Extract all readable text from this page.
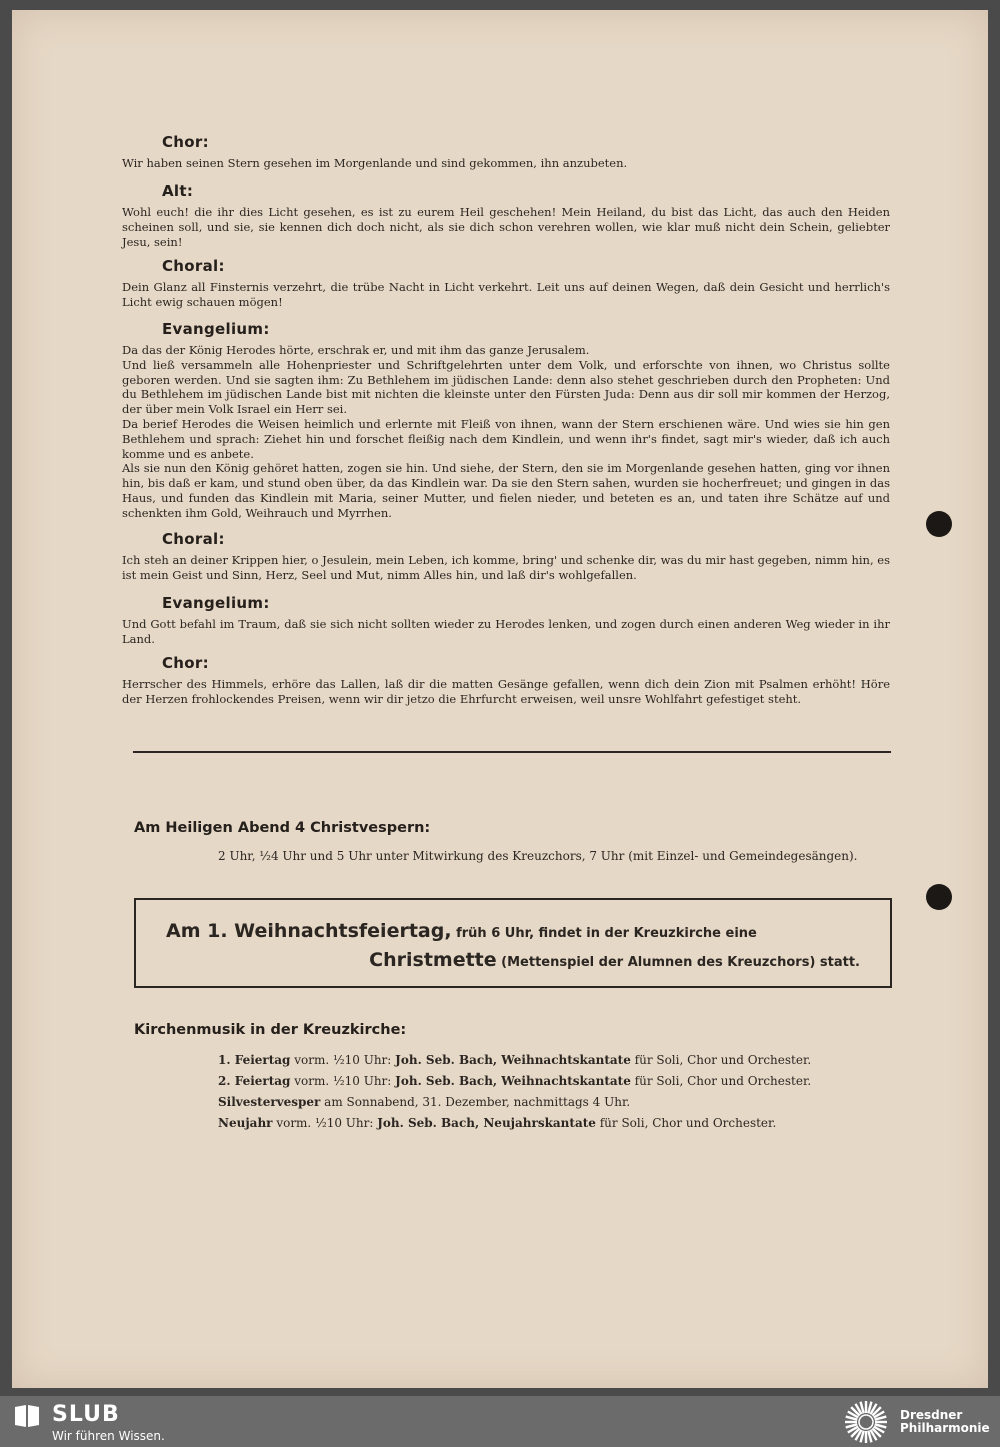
Chor:

Wir haben seinen Stern gesehen im Morgenlande und sind gekommen, ihn anzubeten.

Alt:

Wohl euch! die ihr dies Licht gesehen, es ist zu eurem Heil geschehen! Mein Heiland, du bist das Licht, das auch den Heiden scheinen soll, und sie, sie kennen dich doch nicht, als sie dich schon verehren wollen, wie klar muß nicht dein Schein, geliebter Jesu, sein!

Choral:

Dein Glanz all Finsternis verzehrt, die trübe Nacht in Licht verkehrt. Leit uns auf deinen Wegen, daß dein Gesicht und herrlich's Licht ewig schauen mögen!

Evangelium:

Da das der König Herodes hörte, erschrak er, und mit ihm das ganze Jerusalem.

Und ließ versammeln alle Hohenpriester und Schriftgelehrten unter dem Volk, und erforschte von ihnen, wo Christus sollte geboren werden. Und sie sagten ihm: Zu Bethlehem im jüdischen Lande: denn also stehet geschrieben durch den Propheten: Und du Bethlehem im jüdischen Lande bist mit nichten die kleinste unter den Fürsten Juda: Denn aus dir soll mir kommen der Herzog, der über mein Volk Israel ein Herr sei.

Da berief Herodes die Weisen heimlich und erlernte mit Fleiß von ihnen, wann der Stern erschienen wäre. Und wies sie hin gen Bethlehem und sprach: Ziehet hin und forschet fleißig nach dem Kindlein, und wenn ihr's findet, sagt mir's wieder, daß ich auch komme und es anbete.

Als sie nun den König gehöret hatten, zogen sie hin. Und siehe, der Stern, den sie im Morgenlande gesehen hatten, ging vor ihnen hin, bis daß er kam, und stund oben über, da das Kindlein war. Da sie den Stern sahen, wurden sie hocherfreuet; und gingen in das Haus, und funden das Kindlein mit Maria, seiner Mutter, und fielen nieder, und beteten es an, und taten ihre Schätze auf und schenkten ihm Gold, Weihrauch und Myrrhen.

Choral:

Ich steh an deiner Krippen hier, o Jesulein, mein Leben, ich komme, bring' und schenke dir, was du mir hast gegeben, nimm hin, es ist mein Geist und Sinn, Herz, Seel und Mut, nimm Alles hin, und laß dir's wohlgefallen.

Evangelium:

Und Gott befahl im Traum, daß sie sich nicht sollten wieder zu Herodes lenken, und zogen durch einen anderen Weg wieder in ihr Land.

Chor:

Herrscher des Himmels, erhöre das Lallen, laß dir die matten Gesänge gefallen, wenn dich dein Zion mit Psalmen erhöht! Höre der Herzen frohlockendes Preisen, wenn wir dir jetzo die Ehrfurcht erweisen, weil unsre Wohlfahrt gefestiget steht.

Am Heiligen Abend 4 Christvespern:
2 Uhr, ½4 Uhr und 5 Uhr unter Mitwirkung des Kreuzchors, 7 Uhr (mit Einzel- und Gemeindegesängen).
Am 1. Weihnachtsfeiertag, früh 6 Uhr, findet in der Kreuzkirche eine
Christmette (Mettenspiel der Alumnen des Kreuzchors) statt.
Kirchenmusik in der Kreuzkirche:
1. Feiertag vorm. ½10 Uhr: Joh. Seb. Bach, Weihnachtskantate für Soli, Chor und Orchester.
2. Feiertag vorm. ½10 Uhr: Joh. Seb. Bach, Weihnachtskantate für Soli, Chor und Orchester.
Silvestervesper am Sonnabend, 31. Dezember, nachmittags 4 Uhr.
Neujahr vorm. ½10 Uhr: Joh. Seb. Bach, Neujahrskantate für Soli, Chor und Orchester.
SLUB
Wir führen Wissen.
Dresdner
Philharmonie
